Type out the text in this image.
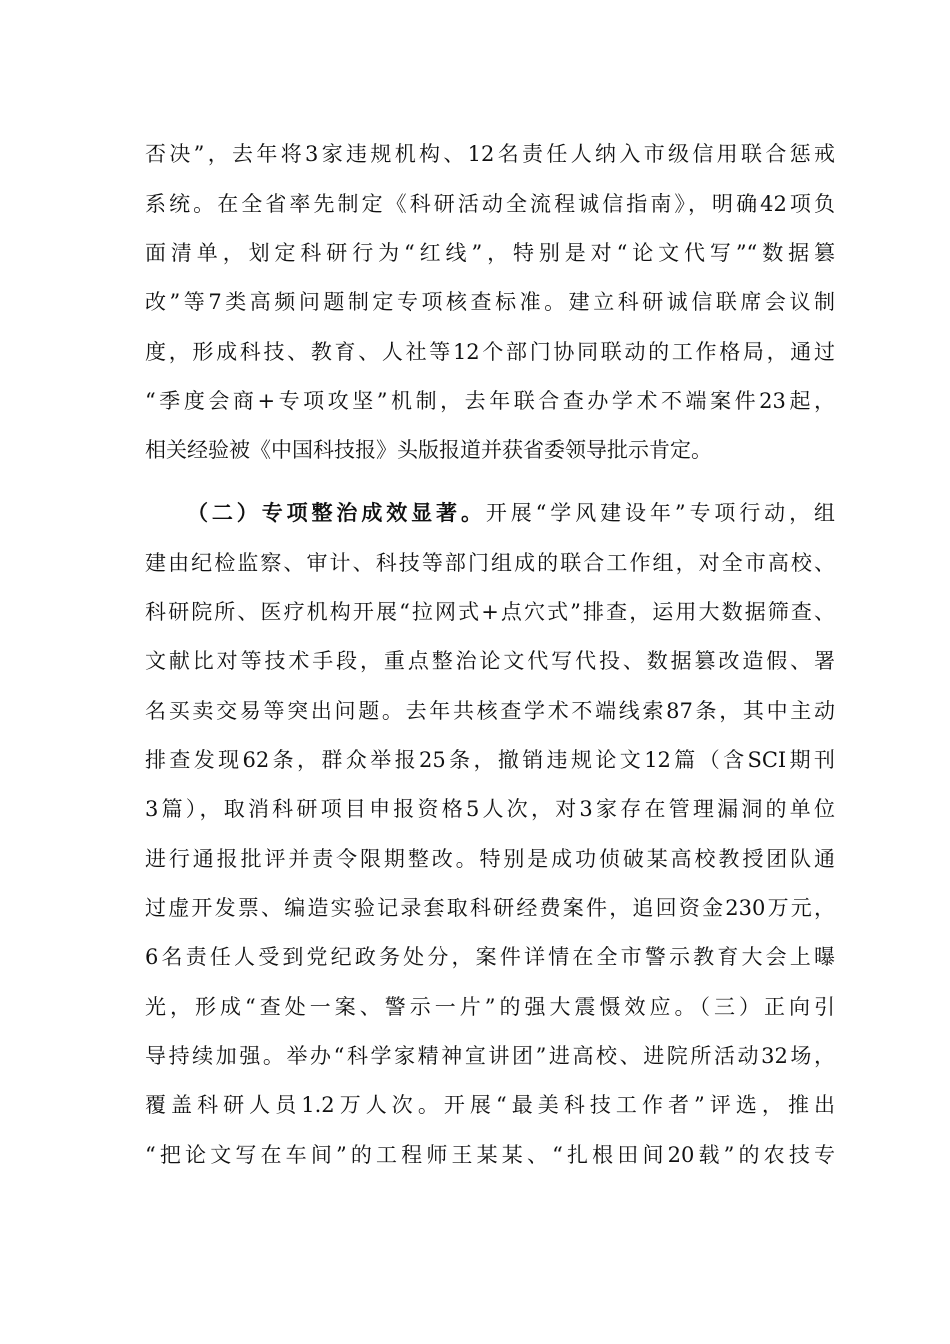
否决”，去年将3家违规机构、12名责任人纳入市级信用联合惩戒
系统。在全省率先制定《科研活动全流程诚信指南》，明确42项负
面清单，划定科研行为“红线”，特别是对“论文代写”“数据篡
改”等7类高频问题制定专项核查标准。建立科研诚信联席会议制
度，形成科技、教育、人社等12个部门协同联动的工作格局，通过
“季度会商+专项攻坚”机制，去年联合查办学术不端案件23起，
相关经验被《中国科技报》头版报道并获省委领导批示肯定。
（二）专项整治成效显著。开展“学风建设年”专项行动，组
建由纪检监察、审计、科技等部门组成的联合工作组，对全市高校、
科研院所、医疗机构开展“拉网式+点穴式”排查，运用大数据筛查、
文献比对等技术手段，重点整治论文代写代投、数据篡改造假、署
名买卖交易等突出问题。去年共核查学术不端线索87条，其中主动
排查发现62条，群众举报25条，撤销违规论文12篇（含SCI期刊
3篇），取消科研项目申报资格5人次，对3家存在管理漏洞的单位
进行通报批评并责令限期整改。特别是成功侦破某高校教授团队通
过虚开发票、编造实验记录套取科研经费案件，追回资金230万元，
6名责任人受到党纪政务处分，案件详情在全市警示教育大会上曝
光，形成“查处一案、警示一片”的强大震慑效应。（三）正向引
导持续加强。举办“科学家精神宣讲团”进高校、进院所活动32场，
覆盖科研人员1.2万人次。开展“最美科技工作者”评选，推出
“把论文写在车间”的工程师王某某、“扎根田间20载”的农技专
